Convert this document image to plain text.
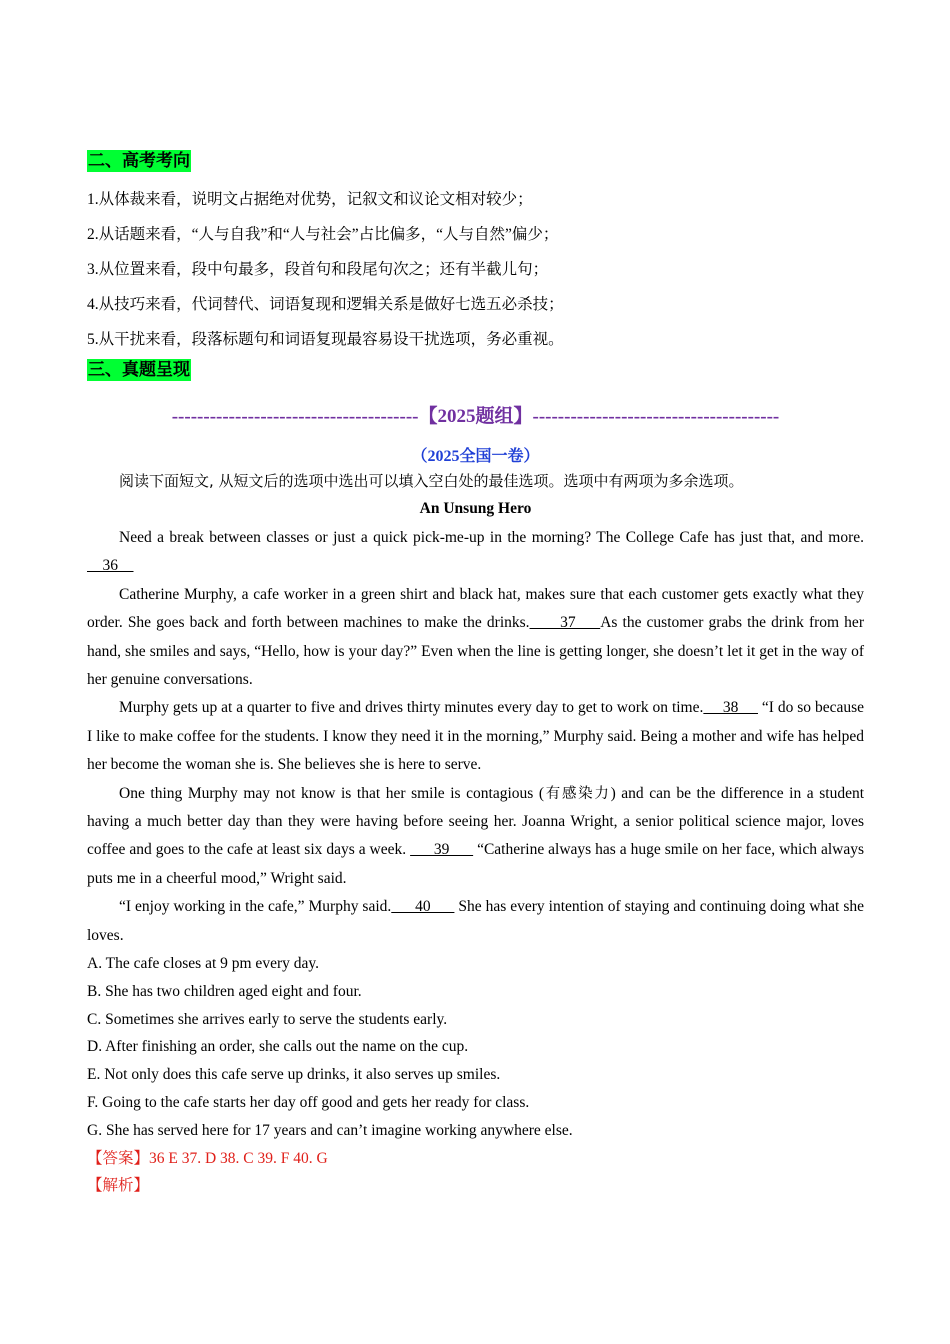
二、高考考向
1.从体裁来看，说明文占据绝对优势，记叙文和议论文相对较少；
2.从话题来看，“人与自我”和“人与社会”占比偏多，“人与自然”偏少；
3.从位置来看，段中句最多，段首句和段尾句次之；还有半截儿句；
4.从技巧来看，代词替代、词语复现和逻辑关系是做好七选五必杀技；
5.从干扰来看，段落标题句和词语复现最容易设干扰选项，务必重视。
三、真题呈现
---------------------------------------【2025题组】---------------------------------------
（2025全国一卷）
阅读下面短文, 从短文后的选项中选出可以填入空白处的最佳选项。选项中有两项为多余选项。
An Unsung Hero

Need a break between classes or just a quick pick-me-up in the morning? The College Cafe has just that, and more.     36

Catherine Murphy, a cafe worker in a green shirt and black hat, makes sure that each customer gets exactly what they order. She goes back and forth between machines to make the drinks.      37     As the customer grabs the drink from her hand, she smiles and says, “Hello, how is your day?” Even when the line is getting longer, she doesn’t let it get in the way of her genuine conversations.

Murphy gets up at a quarter to five and drives thirty minutes every day to get to work on time.     38      “I do so because I like to make coffee for the students. I know they need it in the morning,” Murphy said. Being a mother and wife has helped her become the woman she is. She believes she is here to serve.

One thing Murphy may not know is that her smile is contagious (有感染力) and can be the difference in a student having a much better day than they were having before seeing her. Joanna Wright, a senior political science major, loves coffee and goes to the cafe at least six days a week.       39       “Catherine always has a huge smile on her face, which always puts me in a cheerful mood,” Wright said.

“I enjoy working in the cafe,” Murphy said.      40       She has every intention of staying and continuing doing what she loves.

A. The cafe closes at 9 pm every day.
B. She has two children aged eight and four.
C. Sometimes she arrives early to serve the students early.
D. After finishing an order, she calls out the name on the cup.
E. Not only does this cafe serve up drinks, it also serves up smiles.
F. Going to the cafe starts her day off good and gets her ready for class.
G. She has served here for 17 years and can’t imagine working anywhere else.
【答案】36 E 37. D 38. C 39. F 40. G
【解析】
